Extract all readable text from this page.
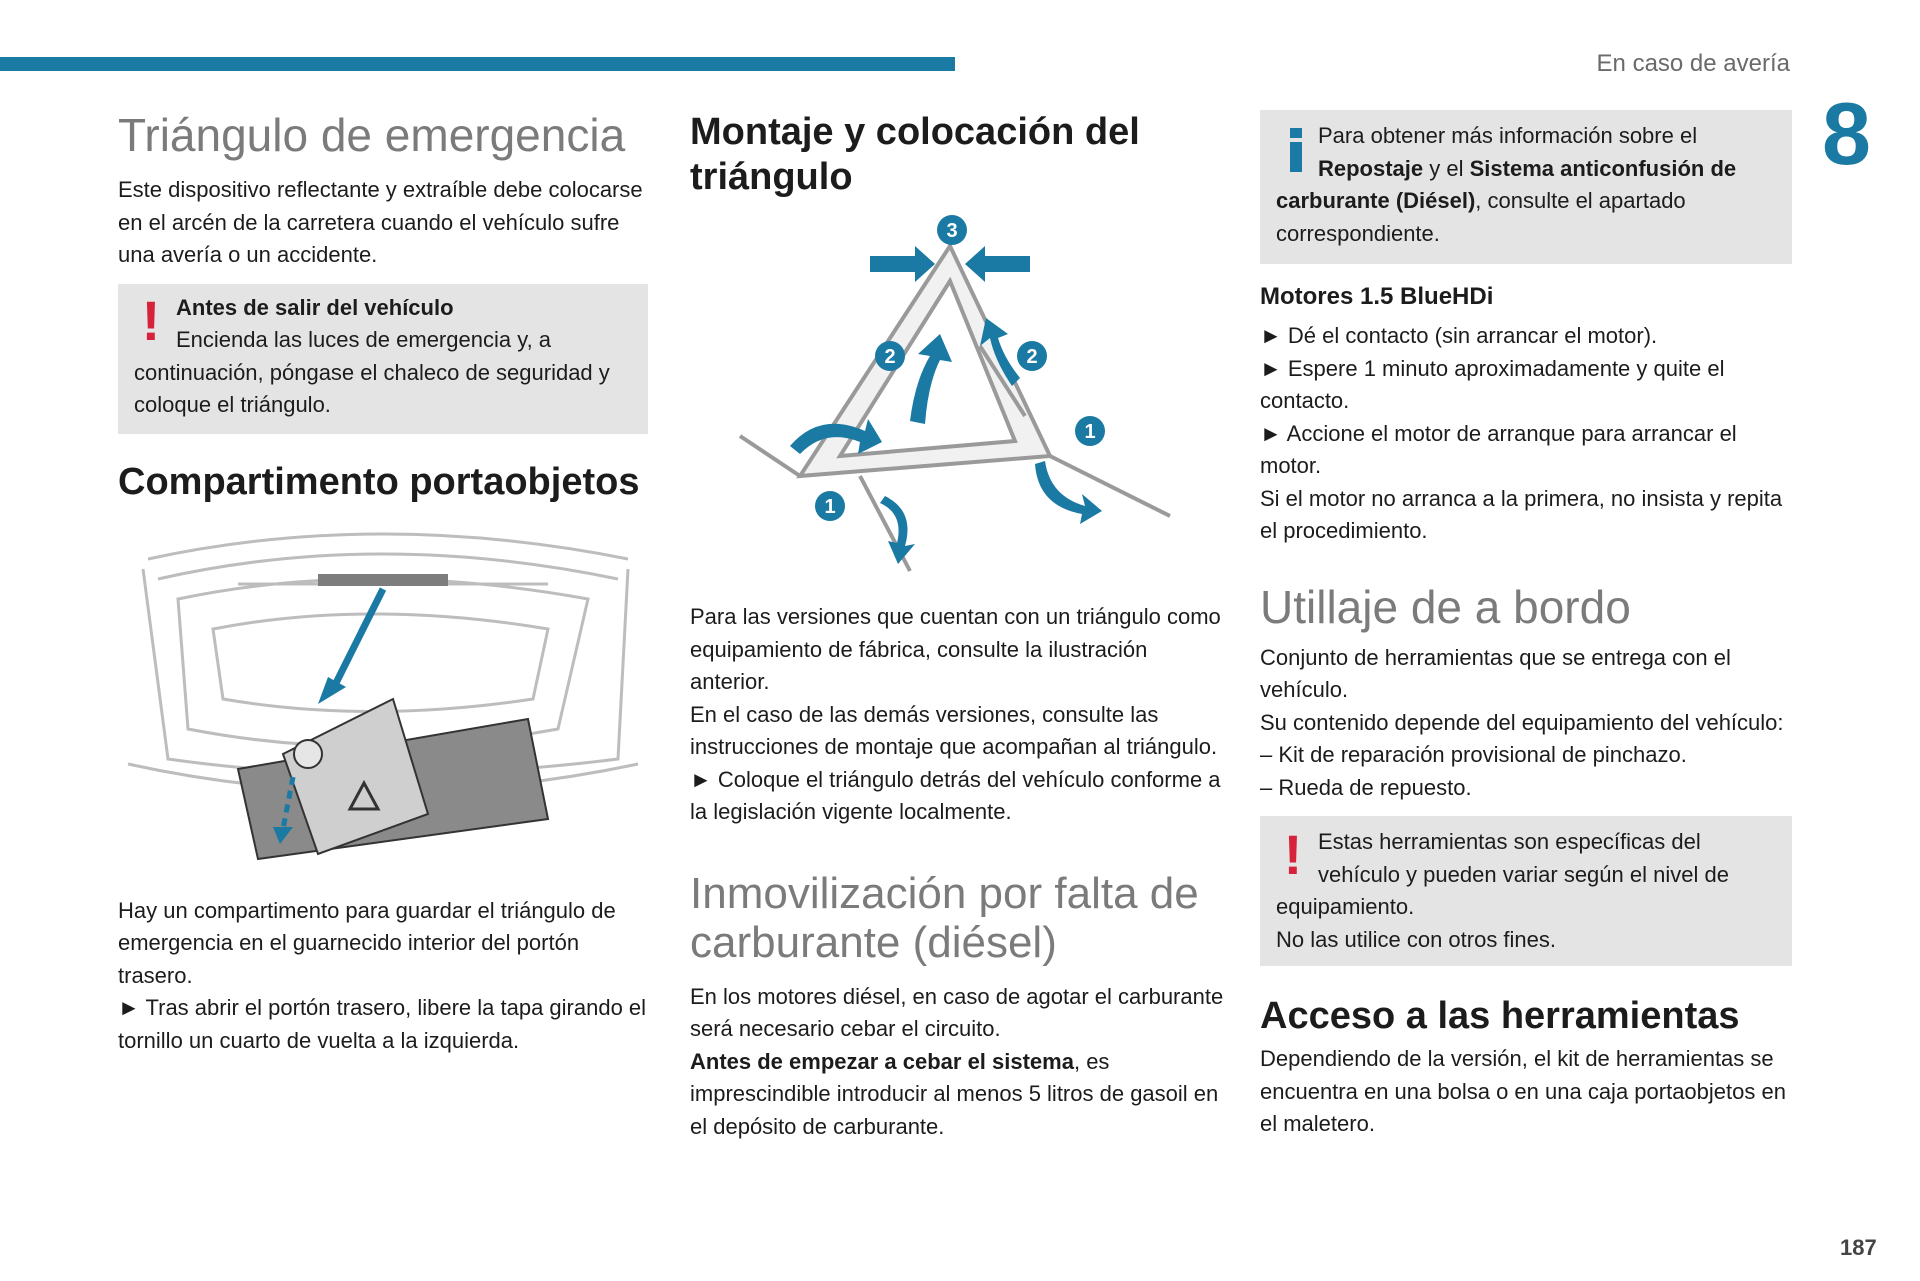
En caso de avería
8
187
Triángulo de emergencia

Este dispositivo reflectante y extraíble debe colocarse en el arcén de la carretera cuando el vehículo sufre una avería o un accidente.

! Antes de salir del vehículo

Encienda las luces de emergencia y, a continuación, póngase el chaleco de seguridad y coloque el triángulo.

Compartimento portaobjetos

Hay un compartimento para guardar el triángulo de emergencia en el guarnecido interior del portón trasero.

► Tras abrir el portón trasero, libere la tapa girando el tornillo un cuarto de vuelta a la izquierda.

Montaje y colocación del triángulo
3
2	2
1
1

Para las versiones que cuentan con un triángulo como equipamiento de fábrica, consulte la ilustración anterior.

En el caso de las demás versiones, consulte las instrucciones de montaje que acompañan al triángulo.

► Coloque el triángulo detrás del vehículo conforme a la legislación vigente localmente.

Inmovilización por falta de carburante (diésel)

En los motores diésel, en caso de agotar el carburante será necesario cebar el circuito.

Antes de empezar a cebar el sistema, es imprescindible introducir al menos 5 litros de gasoil en el depósito de carburante.

Para obtener más información sobre el Repostaje y el Sistema anticonfusión de carburante (Diésel), consulte el apartado correspondiente.

Motores 1.5 BlueHDi

► Dé el contacto (sin arrancar el motor).

► Espere 1 minuto aproximadamente y quite el contacto.

► Accione el motor de arranque para arrancar el motor.

Si el motor no arranca a la primera, no insista y repita el procedimiento.

Utillaje de a bordo

Conjunto de herramientas que se entrega con el vehículo.

Su contenido depende del equipamiento del vehículo:

– Kit de reparación provisional de pinchazo.

– Rueda de repuesto.

! Estas herramientas son específicas del vehículo y pueden variar según el nivel de equipamiento.

No las utilice con otros fines.

Acceso a las herramientas

Dependiendo de la versión, el kit de herramientas se encuentra en una bolsa o en una caja portaobjetos en el maletero.
